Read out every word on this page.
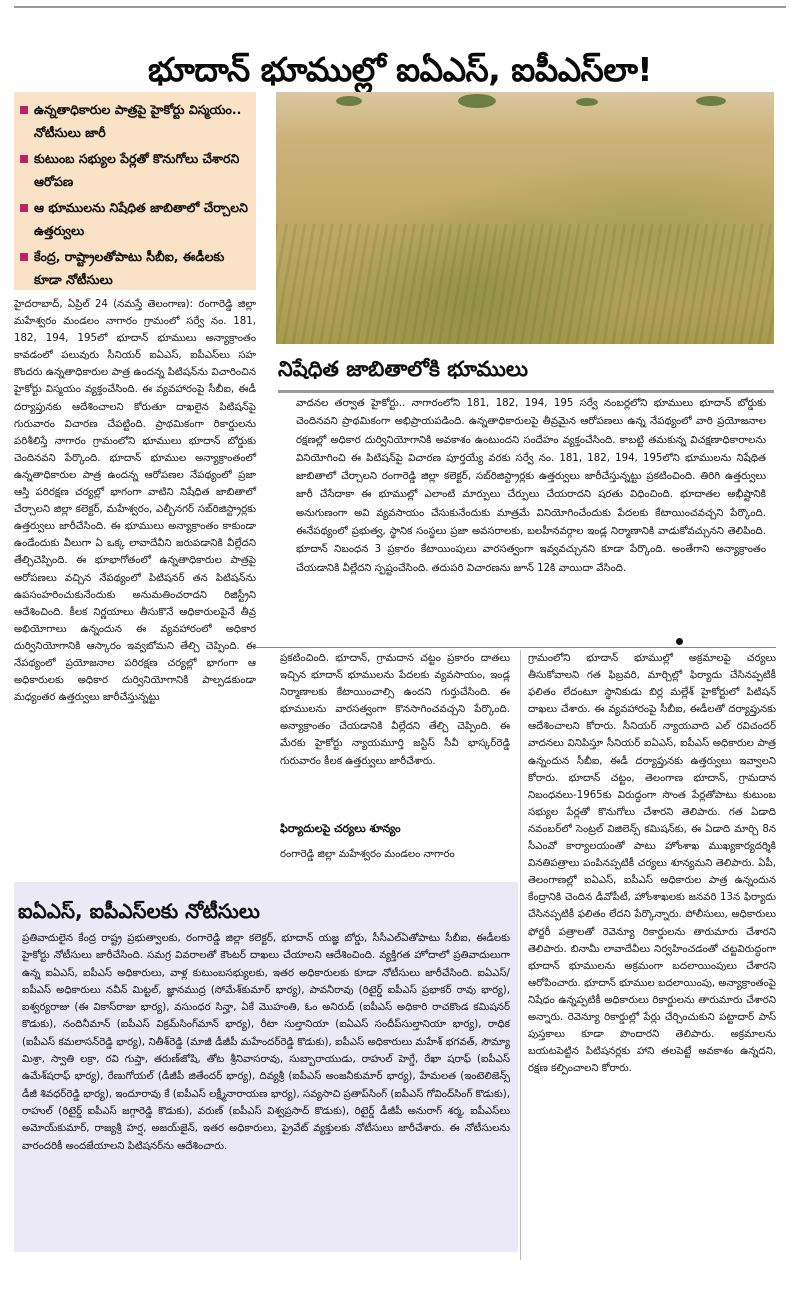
భూదాన్ భూముల్లో ఐఏఎస్, ఐపీఎస్‌లా!
ఉన్నతాధికారుల పాత్రపై హైకోర్టు విస్మయం.. నోటీసులు జారీ
కుటుంబ సభ్యుల పేర్లతో కొనుగోలు చేశారని ఆరోపణ
ఆ భూములను నిషేధిత జాబితాలో చేర్చాలని ఉత్తర్వులు
కేంద్ర, రాష్ట్రాలతోపాటు సీబీఐ, ఈడీలకు కూడా నోటీసులు

హైదరాబాద్, ఏప్రిల్ 24 (నమస్తే తెలంగాణ): రంగారెడ్డి జిల్లా మహేశ్వరం మండలం నాగారం గ్రామంలో సర్వే నం. 181, 182, 194, 195లో భూదాన్ భూములు అన్యాక్రాంతం కావడంలో పలువురు సీనియర్ ఐఏఎస్, ఐపీఎస్‌లు సహ కొందరు ఉన్నతాధికారుల పాత్ర ఉందన్న పిటిషన్‌ను విచారించిన హైకోర్టు విస్మయం వ్యక్తంచేసింది. ఈ వ్యవహారంపై సీబీఐ, ఈడీ దర్యాప్తునకు ఆదేశించాలని కోరుతూ దాఖలైన పిటిషన్‌పై గురువారం విచారణ చేపట్టింది. ప్రాథమికంగా రికార్డులను పరిశీలిస్తే నాగారం గ్రామంలోని భూములు భూదాన్ బోర్డుకు చెందినవని పేర్కొంది. భూదాన్ భూముల అన్యాక్రాంతంలో ఉన్నతాధికారుల పాత్ర ఉందన్న ఆరోపణల నేపథ్యంలో ప్రజా ఆస్తి పరిరక్షణ చర్యల్లో భాగంగా వాటిని నిషేధిత జాబితాలో చేర్చాలని జిల్లా కలెక్టర్, మహేశ్వరం, ఎల్బీనగర్ సబ్‌రిజిస్ట్రార్లకు ఉత్తర్వులు జారీచేసింది. ఈ భూములు అన్యాక్రాంతం కాకుండా ఉండేందుకు వీలుగా ఏ ఒక్క లావాదేవీని జరుపడానికి వీల్లేదని తేల్చిచెప్పింది. ఈ భూభాగోతంలో ఉన్నతాధికారుల పాత్రపై ఆరోపణలు వచ్చిన నేపథ్యంలో పిటిషనర్ తన పిటిషన్‌ను ఉపసంహరించుకునేందుకు అనుమతించరాదని రిజిస్ట్రీని ఆదేశించింది. కీలక నిర్ణయాలు తీసుకొనే అధికారులపైనే తీవ్ర అభియోగాలు ఉన్నందున ఈ వ్యవహారంలో అధికార దుర్వినియోగానికి ఆస్కారం ఇవ్వబోమని తేల్చి చెప్పింది. ఈ నేపథ్యంలో ప్రయోజనాల పరిరక్షణ చర్యల్లో భాగంగా ఆ అధికారులకు అధికార దుర్వినియోగానికి పాల్పడకుండా మధ్యంతర ఉత్తర్వులు జారీచేస్తున్నట్టు

నిషేధిత జాబితాలోకి భూములు

వాదనల తర్వాత హైకోర్టు.. నాగారంలోని 181, 182, 194, 195 సర్వే నంబర్లలోని భూములు భూదాన్ బోర్డుకు చెందినవని ప్రాథమికంగా అభిప్రాయపడింది. ఉన్నతాధికారులపై తీవ్రమైన ఆరోపణలు ఉన్న నేపథ్యంలో వారి ప్రయోజనాల రక్షణల్లో అధికార దుర్వినియోగానికి అవకాశం ఉంటుందని సందేహం వ్యక్తంచేసింది. కాబట్టి తమకున్న విచక్షణాధికారాలను వినియోగించి ఈ పిటిషన్‌పై విచారణ పూర్తయ్యే వరకు సర్వే నం. 181, 182, 194, 195లోని భూములను నిషేధిత జాబితాలో చేర్చాలని రంగారెడ్డి జిల్లా కలెక్టర్, సబ్‌రిజిస్ట్రార్లకు ఉత్తర్వులు జారీచేస్తున్నట్టు ప్రకటించింది. తిరిగి ఉత్తర్వులు జారీ చేసేదాకా ఈ భూముల్లో ఎలాంటి మార్పులు చేర్పులు చేయరాదని షరతు విధించింది. భూదాతల అభీష్టానికి అనుగుణంగా అవి వ్యవసాయం చేసుకునేందుకు మాత్రమే వినియోగించేందుకు పేదలకు కేటాయించవచ్చని పేర్కొంది. ఈనేపథ్యంలో ప్రభుత్వ, స్థానిక సంస్థలు ప్రజా అవసరాలకు, బలహీనవర్గాల ఇండ్ల నిర్మాణానికి వాడుకోవచ్చునని తెలిపింది. భూదాన్ నిబంధన 3 ప్రకారం కేటాయింపులు వారసత్వంగా ఇవ్వవచ్చునని కూడా పేర్కొంది. అంతేగాని అన్యాక్రాంతం చేయడానికి వీల్లేదని స్పష్టంచేసింది. తదుపరి విచారణను జూన్ 12కి వాయిదా వేసింది.

ప్రకటించింది. భూదాన్, గ్రామదాన చట్టం ప్రకారం దాతలు ఇచ్చిన భూదాన్ భూములను పేదలకు వ్యవసాయం, ఇండ్ల నిర్మాణాలకు కేటాయించాల్సి ఉందని గుర్తుచేసింది. ఈ భూములను వారసత్వంగా కొనసాగించవచ్చని పేర్కొంది. అన్యాక్రాంతం చేయడానికి వీల్లేదని తేల్చి చెప్పింది. ఈ మేరకు హైకోర్టు న్యాయమూర్తి జస్టిస్ సీవీ భాస్కర్‌రెడ్డి గురువారం కీలక ఉత్తర్వులు జారీచేశారు.

ఫిర్యాదులపై చర్యలు శూన్యం

రంగారెడ్డి జిల్లా మహేశ్వరం మండలం నాగారం

గ్రామంలోని భూదాన్ భూముల్లో అక్రమాలపై చర్యలు తీసుకోవాలని గత ఫిబ్రవరి, మార్చిల్లో ఫిర్యాదు చేసినప్పటికీ ఫలితం లేదంటూ స్థానికుడు బిర్ల మల్లేశ్ హైకోర్టులో పిటిషన్ దాఖలు చేశారు. ఈ వ్యవహారంపై సీబీఐ, ఈడీలతో దర్యాప్తునకు ఆదేశించాలని కోరారు. సీనియర్ న్యాయవాది ఎల్ రవిచందర్ వాదనలు వినిపిస్తూ సీనియర్ ఐఏఎస్, ఐపీఎస్ అధికారుల పాత్ర ఉన్నందున సీబీఐ, ఈడీ దర్యాప్తునకు ఉత్తర్వులు ఇవ్వాలని కోరారు. భూదాన్ చట్టం, తెలంగాణ భూదాన్, గ్రామదాన నిబంధనలు-1965కు విరుద్ధంగా సొంత పేర్లతోపాటు కుటుంబ సభ్యుల పేర్లతో కొనుగోలు చేశారని తెలిపారు. గత ఏడాది నవంబర్‌లో సెంట్రల్ విజిలెన్స్ కమిషన్‌కు, ఈ ఏడాది మార్చి 8న సీఎంవో కార్యాలయంతో పాటు హోంశాఖ ముఖ్యకార్యదర్శికి వినతిపత్రాలు పంపినప్పటికీ చర్యలు శూన్యమని తెలిపారు. ఏపీ, తెలంగాణల్లో ఐఏఎస్, ఐపీఎస్ అధికారుల పాత్ర ఉన్నందున కేంద్రానికి చెందిన డీవోపీటీ, హోంశాఖలకు జనవరి 13న ఫిర్యాదు చేసినప్పటికీ ఫలితం లేదని పేర్కొన్నారు. పోలీసులు, అధికారులు ఫోర్జరీ పత్రాలతో రెవెన్యూ రికార్డులను తారుమారు చేశారని తెలిపారు. బినామీ లావాదేవీలు నిర్వహించడంతో చట్టవిరుద్ధంగా భూదాన్ భూములను అక్రమంగా బదలాయింపులు చేశారని ఆరోపించారు. భూదాన్ భూముల బదలాయింపు, అన్యాక్రాంతంపై నిషేధం ఉన్నప్పటికీ అధికారులు రికార్డులను తారుమారు చేశారని అన్నారు. రెవెన్యూ రికార్డుల్లో పేర్లు చేర్చించుకుని పట్టాదార్ పాస్ పుస్తకాలు కూడా పొందారని తెలిపారు. అక్రమాలను బయటపెట్టిన పిటిషనర్లకు హాని తలపెట్టే అవకాశం ఉన్నదని, రక్షణ కల్పించాలని కోరారు.

ఐఏఎస్, ఐపీఎస్‌లకు నోటీసులు

ప్రతివాదులైన కేంద్ర రాష్ట్ర ప్రభుత్వాలకు, రంగారెడ్డి జిల్లా కలెక్టర్, భూదాన్ యజ్ఞ బోర్డు, సీసీఎల్ఏతోపాటు సీబీఐ, ఈడీలకు హైకోర్టు నోటీసులు జారీచేసింది. సమగ్ర వివరాలతో కౌంటర్ దాఖలు చేయాలని ఆదేశించింది. వ్యక్తిగత హోదాలో ప్రతివాదులుగా ఉన్న ఐఏఎస్, ఐపీఎస్ అధికారులు, వాళ్ల కుటుంబసభ్యులకు, ఇతర అధికారులకు కూడా నోటీసులు జారీచేసింది. ఐఏఎస్/ఐపీఎస్ అధికారులు నవీన్ మిట్టల్, జ్ఞానముద్ర (సోమేశ్‌కుమార్ భార్య), పావనీరావు (రిటైర్డ్ ఐపీఎస్ ప్రభాకర్ రావు భార్య), ఐశ్వర్యరాజు (ఈ వికాస్‌రాజు భార్య), వసుంధర సిన్హా, ఏకే మొహంతి, ఓం అనిరుద్ (ఐపీఎస్ అధికారి రాచకొండ కమిషనర్ కొడుకు), నందినీమాన్ (ఐపీఎస్ విక్రమ్‌సింగ్‌మాన్ భార్య), రీటా సుల్తానియా (ఐఏఎస్ సందీప్‌సుల్తానియా భార్య), రాధిక (ఐపీఎస్ కమలాసన్‌రెడ్డి భార్య), నితీశ్‌రెడ్డి (మాజీ డీజీపీ మహేందర్‌రెడ్డి కొడుకు), ఐపీఎస్ అధికారులు మహేశ్ భగవత్, సౌమ్యా మిశ్రా, స్వాతి లక్రా, రవి గుప్తా, తరుణ్‌జోషి, తోట శ్రీనివాసరావు, సుబ్బారాయుడు, రాహుల్ హెగ్డే, రేఖా షరాఫ్ (ఐపీఎస్ ఉమేశ్‌షరాఫ్ భార్య), రేణుగోయల్ (డీజీపీ జితేందర్ భార్య), దివ్యశ్రీ (ఐపీఎస్ అంజనీకుమార్ భార్య), హేమలత (ఇంటెలిజెన్స్ డీజీ శివధర్‌రెడ్డి భార్య), ఇందూరావు కే (ఐపీఎస్ లక్ష్మీనారాయణ భార్య), సవ్యసాచి ప్రతాప్‌సింగ్ (ఐపీఎస్ గోవింద్‌సింగ్ కొడుకు), రాహుల్ (రిటైర్డ్ ఐపీఎస్ జగ్గారెడ్డి కొడుకు), వరుణ్ (ఐపీఎస్ విశ్వప్రసాద్ కొడుకు), రిటైర్డ్ డీజీపీ అనురాగ్ శర్మ, ఐపీఎస్‌లు అమోయ్‌కుమార్, రాజ్యశ్రీ హర్ష, అజయ్‌జైన్, ఇతర అధికారులు, ప్రైవేట్ వ్యక్తులకు నోటీసులు జారీచేశారు. ఈ నోటీసులను వారందరికీ అందజేయాలని పిటిషనర్‌ను ఆదేశించారు.
